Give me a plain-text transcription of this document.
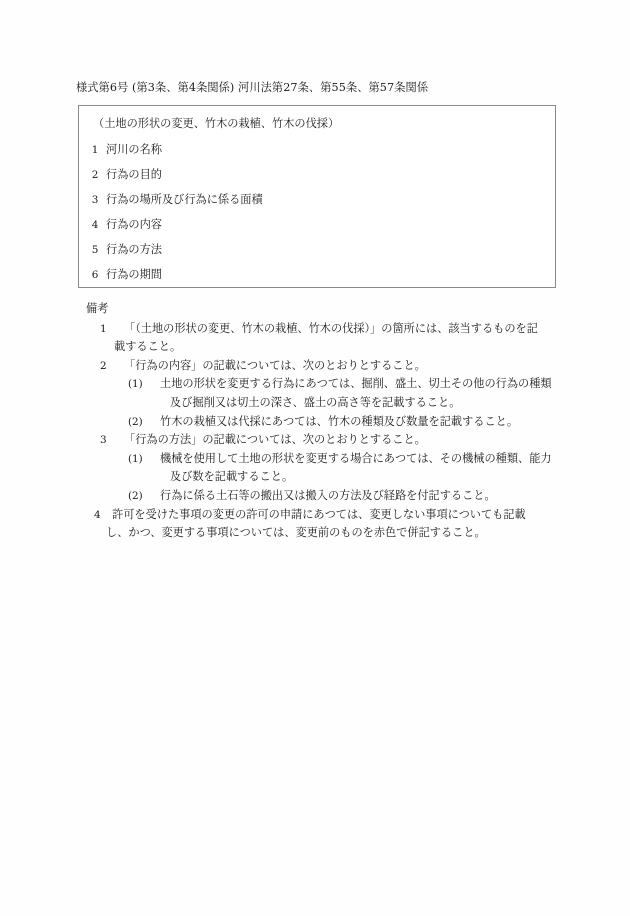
様式第6号 (第3条、第4条関係) 河川法第27条、第55条、第57条関係
（土地の形状の変更、竹木の栽植、竹木の伐採）
1 河川の名称
2 行為の目的
3 行為の場所及び行為に係る面積
4 行為の内容
5 行為の方法
6 行為の期間

備考

1	「（土地の形状の変更、竹木の栽植、竹木の伐採）」の箇所には、該当するものを記
載すること。
2	「行為の内容」の記載については、次のとおりとすること。
(1)	土地の形状を変更する行為にあつては、掘削、盛土、切土その他の行為の種類
及び掘削又は切土の深さ、盛土の高さ等を記載すること。
(2)	竹木の栽植又は代採にあつては、竹木の種類及び数量を記載すること。
3	「行為の方法」の記載については、次のとおりとすること。
(1)	機械を使用して土地の形状を変更する場合にあつては、その機械の種類、能力
及び数を記載すること。
(2)	行為に係る土石等の搬出又は搬入の方法及び経路を付記すること。
4	許可を受けた事項の変更の許可の申請にあつては、変更しない事項についても記載
し、かつ、変更する事項については、変更前のものを赤色で併記すること。
